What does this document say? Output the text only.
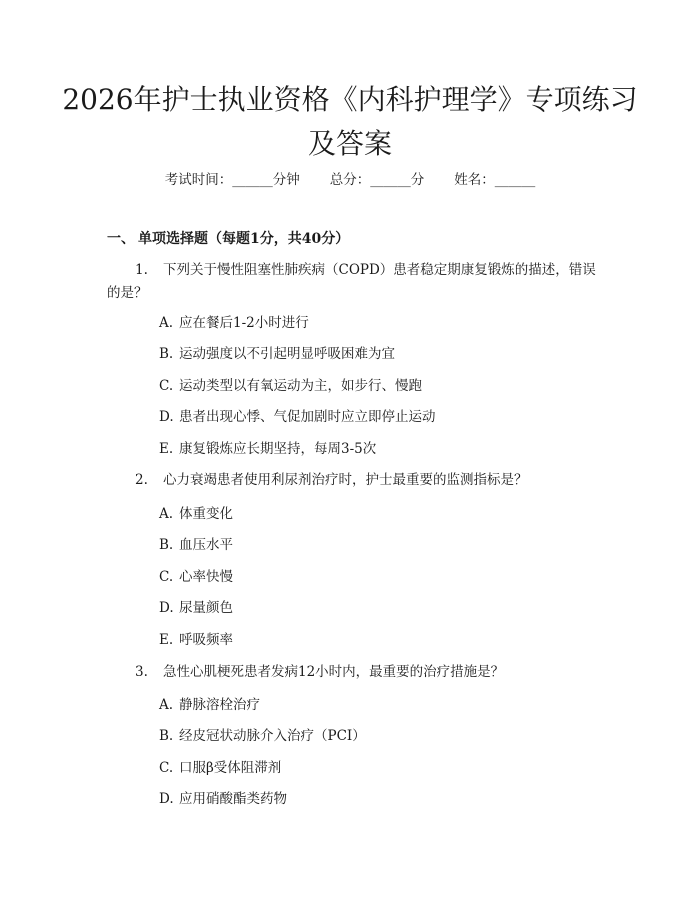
2026年护士执业资格《内科护理学》专项练习及答案
考试时间：______分钟 总分：______分 姓名：______
一、 单项选择题（每题1分，共40分）
1. 下列关于慢性阻塞性肺疾病（COPD）患者稳定期康复锻炼的描述，错误的是？
A. 应在餐后1-2小时进行
B. 运动强度以不引起明显呼吸困难为宜
C. 运动类型以有氧运动为主，如步行、慢跑
D. 患者出现心悸、气促加剧时应立即停止运动
E. 康复锻炼应长期坚持，每周3-5次
2. 心力衰竭患者使用利尿剂治疗时，护士最重要的监测指标是？
A. 体重变化
B. 血压水平
C. 心率快慢
D. 尿量颜色
E. 呼吸频率
3. 急性心肌梗死患者发病12小时内，最重要的治疗措施是？
A. 静脉溶栓治疗
B. 经皮冠状动脉介入治疗（PCI）
C. 口服β受体阻滞剂
D. 应用硝酸酯类药物
